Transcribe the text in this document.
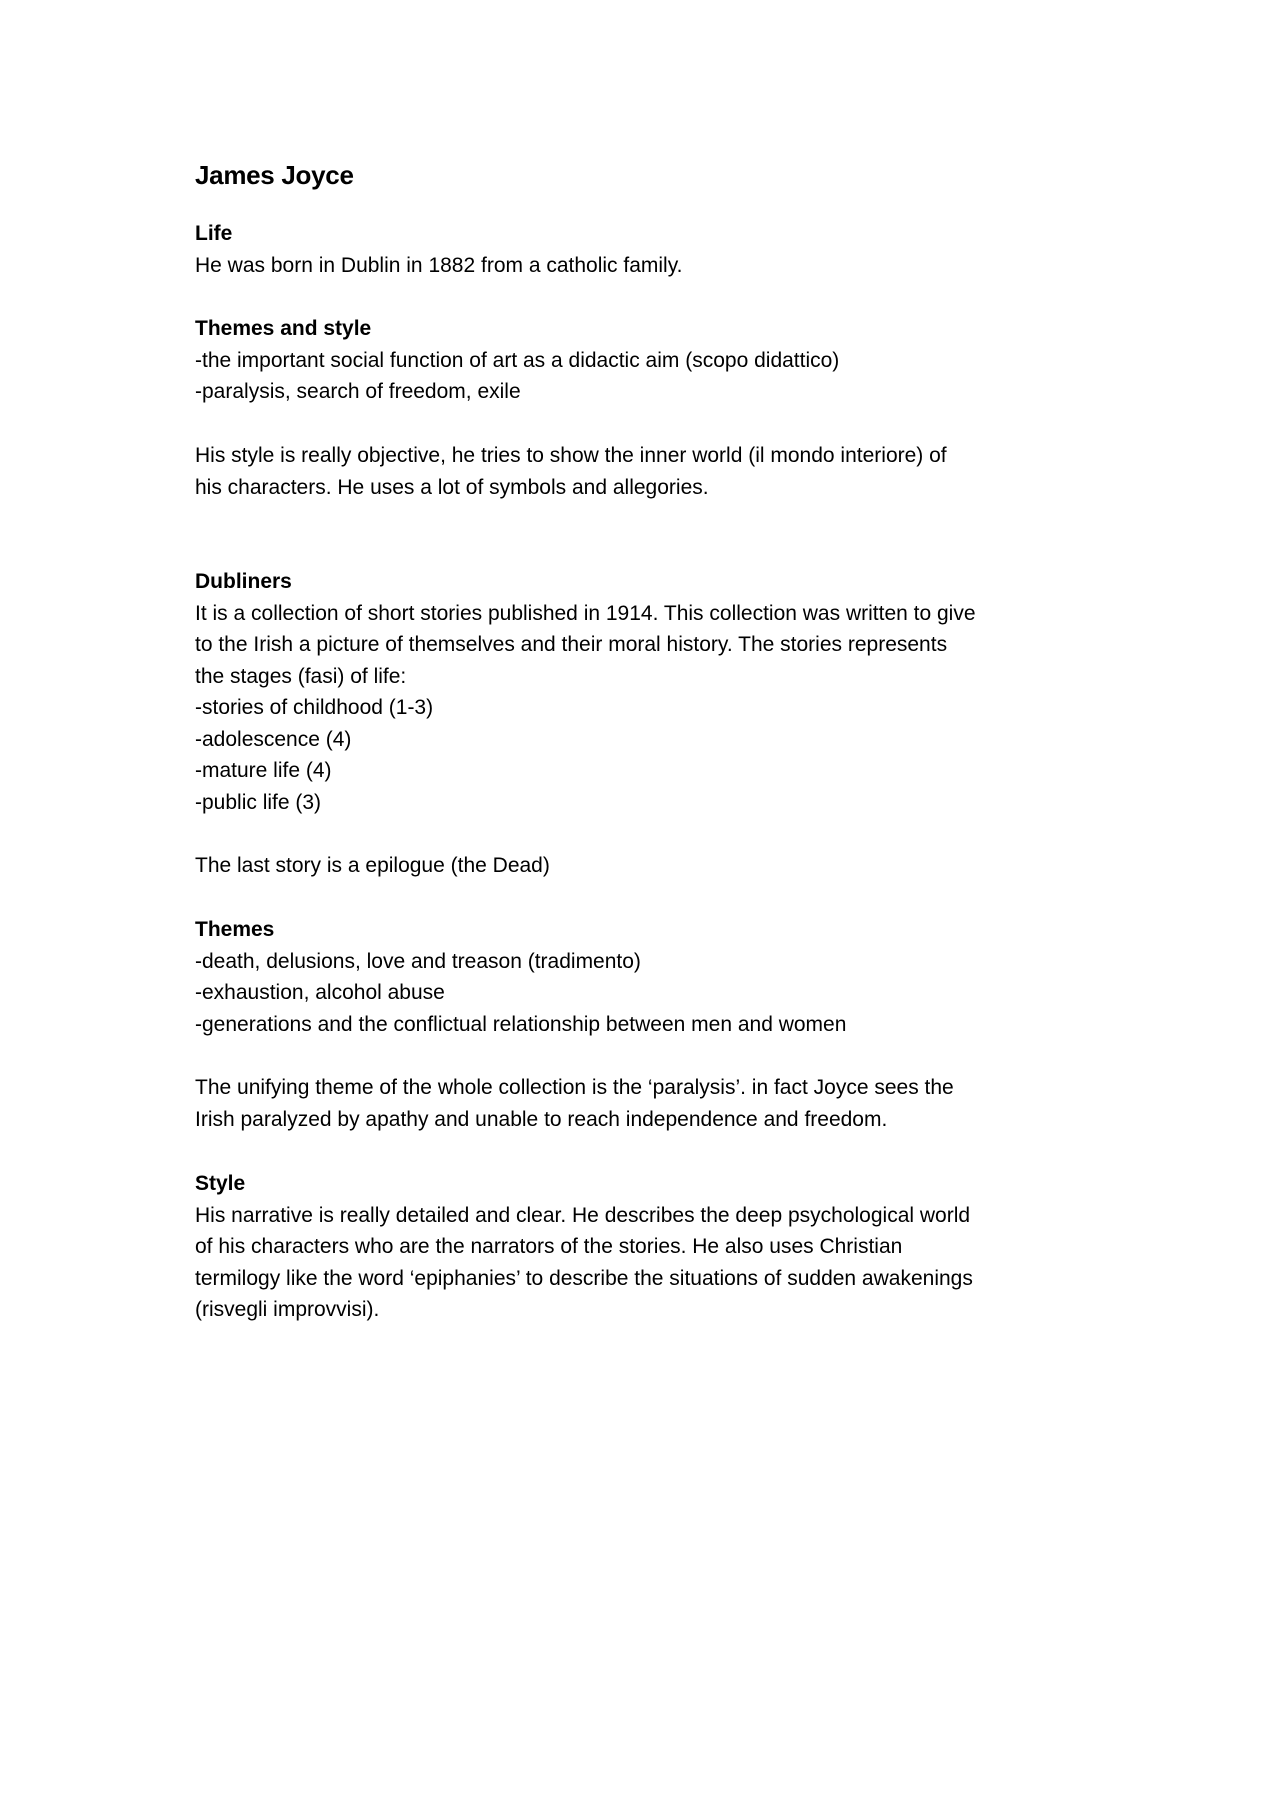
James Joyce
Life
He was born in Dublin in 1882 from a catholic family.
Themes and style
-the important social function of art as a didactic aim (scopo didattico)
-paralysis, search of freedom, exile
His style is really objective, he tries to show the inner world (il mondo interiore) of
his characters. He uses a lot of symbols and allegories.
Dubliners
It is a collection of short stories published in 1914. This collection was written to give
to the Irish a picture of themselves and their moral history. The stories represents
the stages (fasi) of life:
-stories of childhood (1-3)
-adolescence (4)
-mature life (4)
-public life (3)
The last story is a epilogue (the Dead)
Themes
-death, delusions, love and treason (tradimento)
-exhaustion, alcohol abuse
-generations and the conflictual relationship between men and women
The unifying theme of the whole collection is the ‘paralysis’. in fact Joyce sees the
Irish paralyzed by apathy and unable to reach independence and freedom.
Style
His narrative is really detailed and clear. He describes the deep psychological world
of his characters who are the narrators of the stories. He also uses Christian
termilogy like the word ‘epiphanies’ to describe the situations of sudden awakenings
(risvegli improvvisi).
